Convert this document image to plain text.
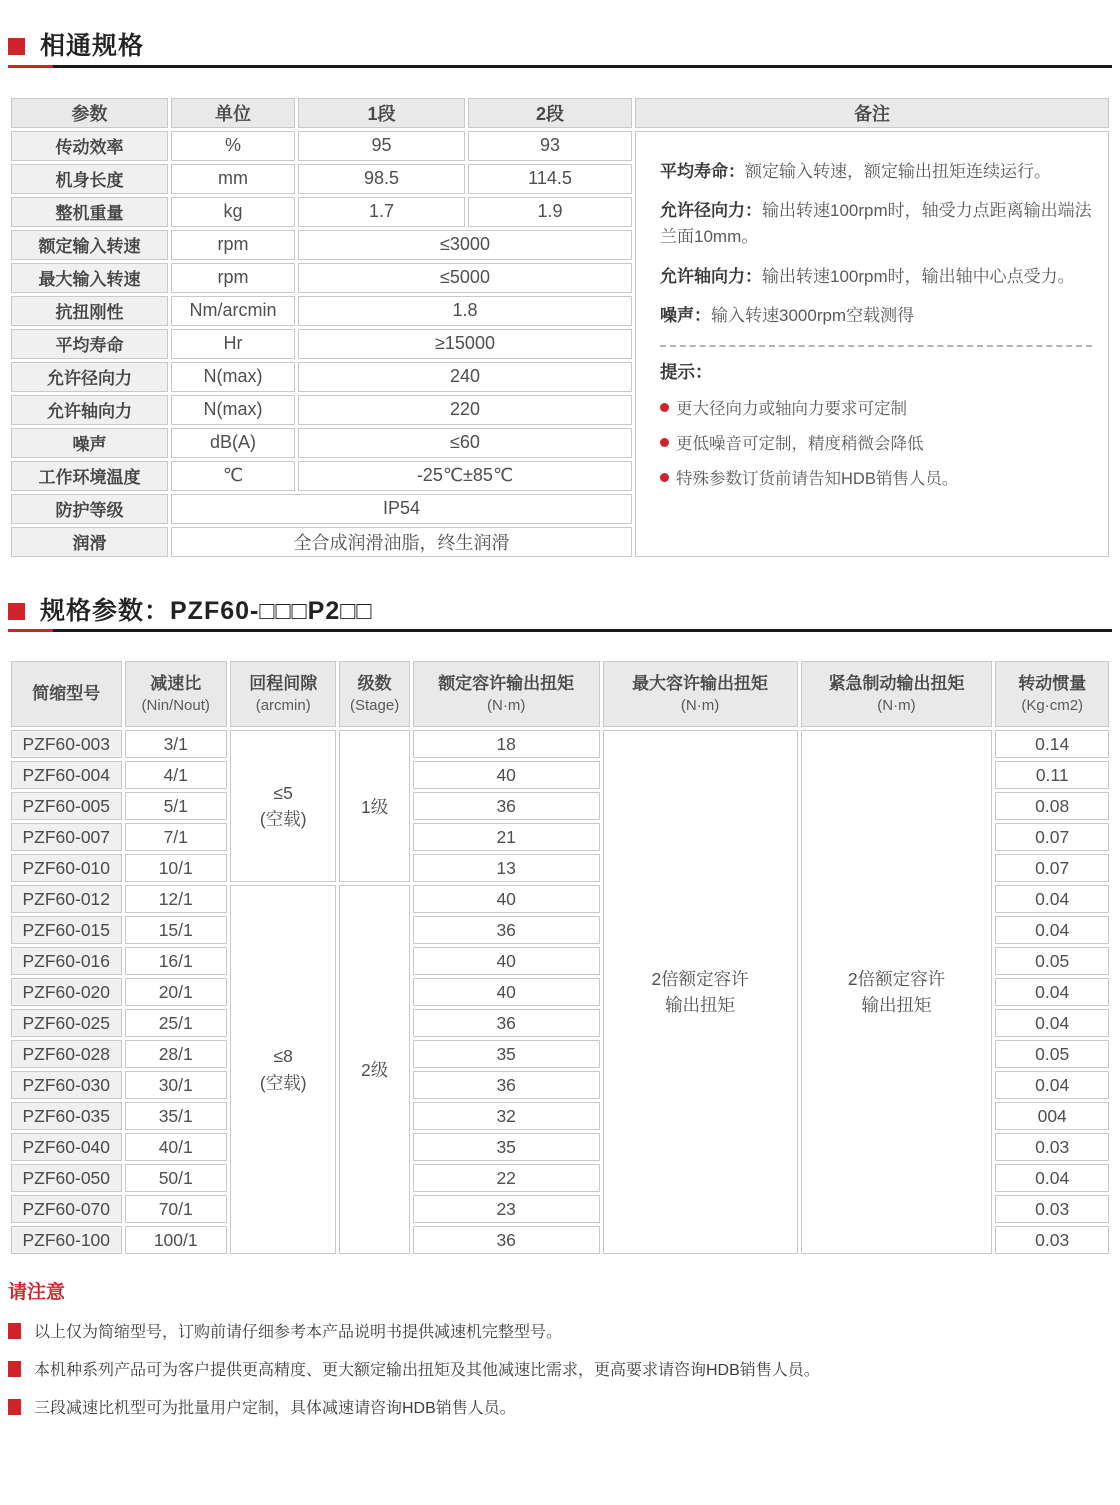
相通规格
参数	单位	1段	2段	备注
传动效率	%	95	93	

平均寿命：额定输入转速，额定输出扭矩连续运行。

允许径向力：输出转速100rpm时，轴受力点距离输出端法兰面10mm。

允许轴向力：输出转速100rpm时，输出轴中心点受力。

噪声：输入转速3000rpm空载测得

提示：
更大径向力或轴向力要求可定制
更低噪音可定制，精度稍微会降低
特殊参数订货前请告知HDB销售人员。

机身长度	mm	98.5	114.5	
整机重量	kg	1.7	1.9	
额定输入转速	rpm	≤3000		
最大输入转速	rpm	≤5000		
抗扭刚性	Nm/arcmin	1.8		
平均寿命	Hr	≥15000		
允许径向力	N(max)	240		
允许轴向力	N(max)	220		
噪声	dB(A)	≤60		
工作环境温度	℃	-25℃±85℃		
防护等级	IP54			
润滑	全合成润滑油脂，终生润滑			
规格参数：PZF60-□□□P2□□
简缩型号	减速比
(Nin/Nout)	回程间隙
(arcmin)	级数
(Stage)	额定容许输出扭矩
(N·m)	最大容许输出扭矩
(N·m)	紧急制动输出扭矩
(N·m)	转动惯量
(Kg·cm2)

PZF60-003	3/1	≤5
(空载)	1级	18	2倍额定容许
输出扭矩	2倍额定容许
输出扭矩	0.14
PZF60-004	4/1			40			0.11
PZF60-005	5/1			36			0.08
PZF60-007	7/1			21			0.07
PZF60-010	10/1			13			0.07
PZF60-012	12/1	≤8
(空载)	2级	40			0.04
PZF60-015	15/1			36			0.04
PZF60-016	16/1			40			0.05
PZF60-020	20/1			40			0.04
PZF60-025	25/1			36			0.04
PZF60-028	28/1			35			0.05
PZF60-030	30/1			36			0.04
PZF60-035	35/1			32			004
PZF60-040	40/1			35			0.03
PZF60-050	50/1			22			0.04
PZF60-070	70/1			23			0.03
PZF60-100	100/1			36			0.03
请注意
以上仅为简缩型号，订购前请仔细参考本产品说明书提供减速机完整型号。
本机种系列产品可为客户提供更高精度、更大额定输出扭矩及其他减速比需求，更高要求请咨询HDB销售人员。
三段减速比机型可为批量用户定制，具体减速请咨询HDB销售人员。
